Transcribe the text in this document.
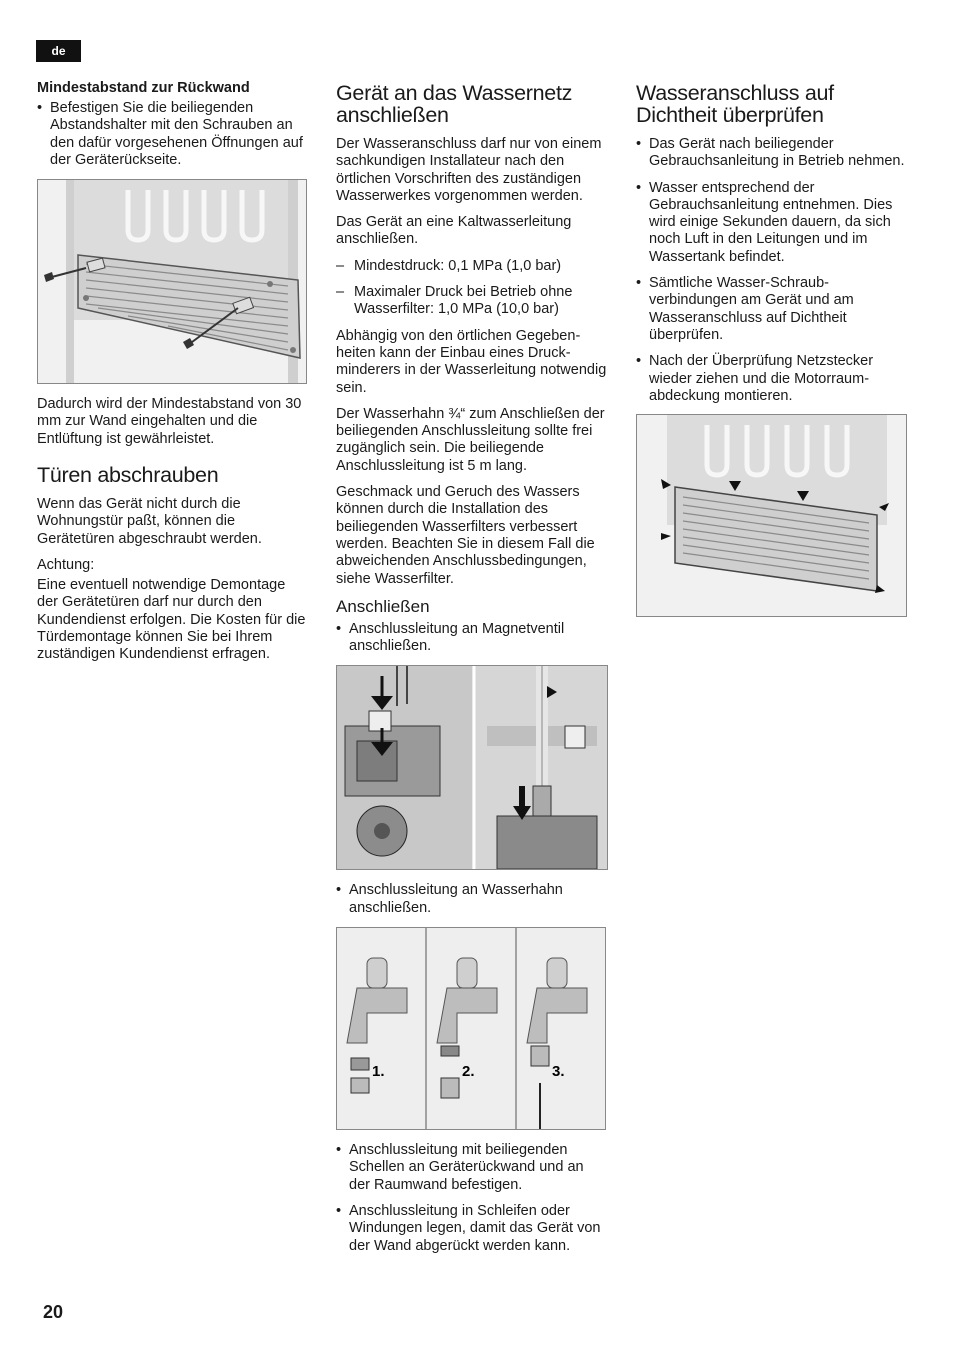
de
Mindestabstand zur Rückwand
• Befestigen Sie die beiliegenden Abstandshalter mit den Schrauben an den dafür vorgesehenen Öffnungen auf der Geräterückseite.

Dadurch wird der Mindestabstand von 30 mm zur Wand eingehalten und die Entlüftung ist gewährleistet.

Türen abschrauben

Wenn das Gerät nicht durch die Wohnungstür paßt, können die Gerätetüren abgeschraubt werden.

Achtung:

Eine eventuell notwendige Demontage der Gerätetüren darf nur durch den Kundendienst erfolgen. Die Kosten für die Türdemontage können Sie bei Ihrem zuständigen Kundendienst erfragen.

Gerät an das Wassernetz anschließen

Der Wasseranschluss darf nur von einem sachkundigen Installateur nach den örtlichen Vorschriften des zuständigen Wasserwerkes vorgenommen werden.

Das Gerät an eine Kaltwasserleitung anschließen.

– Mindestdruck: 0,1 MPa (1,0 bar)
– Maximaler Druck bei Betrieb ohne Wasserfilter: 1,0 MPa (10,0 bar)

Abhängig von den örtlichen Gegebenheiten kann der Einbau eines Druckminderers in der Wasserleitung notwendig sein.

Der Wasserhahn ¾“ zum Anschließen der beiliegenden Anschlussleitung sollte frei zugänglich sein. Die beiliegende Anschlussleitung ist 5 m lang.

Geschmack und Geruch des Wassers können durch die Installation des beiliegenden Wasserfilters verbessert werden. Beachten Sie in diesem Fall die abweichenden Anschlussbedingungen, siehe Wasserfilter.

Anschließen
• Anschlussleitung an Magnetventil anschließen.
• Anschlussleitung an Wasserhahn anschließen.
1.	2.	3.
• Anschlussleitung mit beiliegenden Schellen an Geräterückwand und an der Raumwand befestigen.
• Anschlussleitung in Schleifen oder Windungen legen, damit das Gerät von der Wand abgerückt werden kann.
Wasseranschluss auf Dichtheit überprüfen
• Das Gerät nach beiliegender Gebrauchsanleitung in Betrieb nehmen.
• Wasser entsprechend der Gebrauchsanleitung entnehmen. Dies wird einige Sekunden dauern, da sich noch Luft in den Leitungen und im Wassertank befindet.
• Sämtliche Wasser-Schraubverbindungen am Gerät und am Wasseranschluss auf Dichtheit überprüfen.
• Nach der Überprüfung Netzstecker wieder ziehen und die Motorraumabdeckung montieren.
20
